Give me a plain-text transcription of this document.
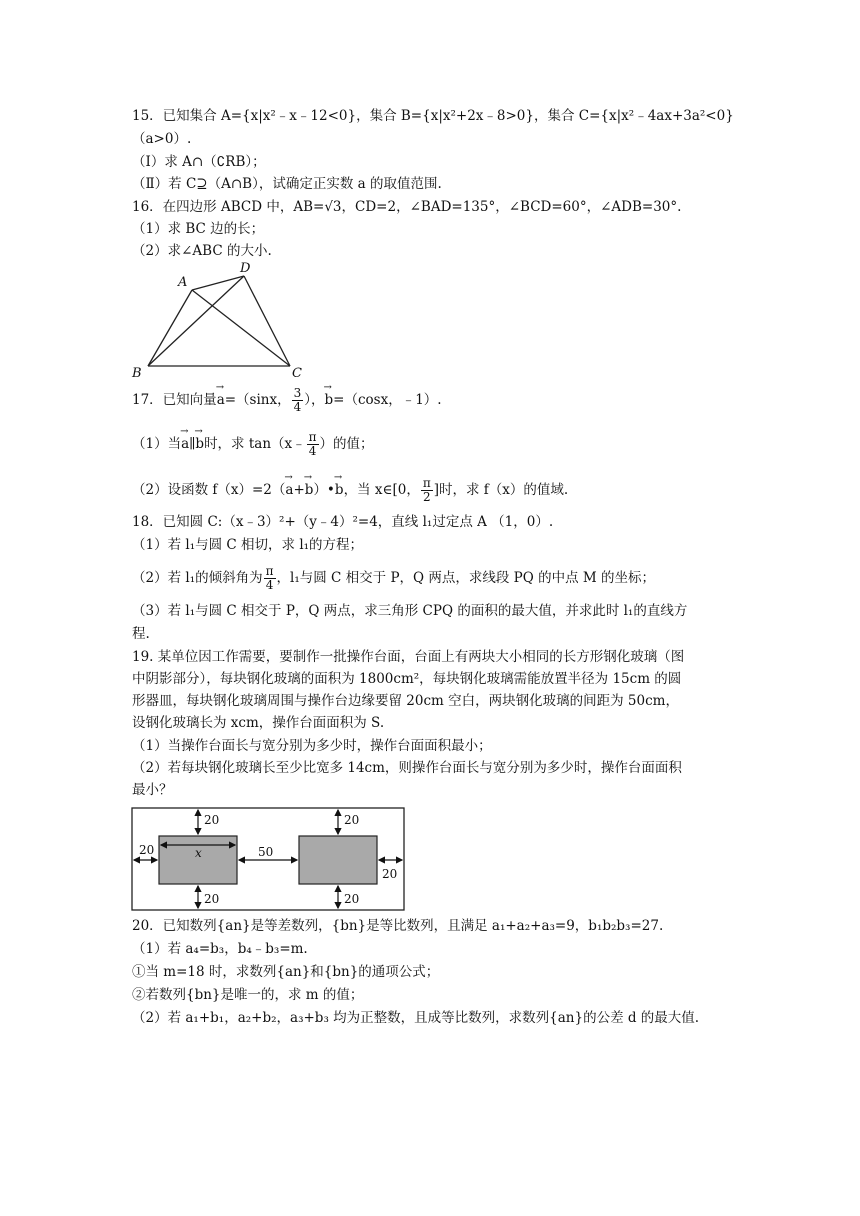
15．已知集合 A={x|x²﹣x﹣12<0}，集合 B={x|x²+2x﹣8>0}，集合 C={x|x²﹣4ax+3a²<0}
（a>0）.
（Ⅰ）求 A∩（∁RB）；
（Ⅱ）若 C⊇（A∩B），试确定正实数 a 的取值范围.
16．在四边形 ABCD 中，AB=√3，CD=2，∠BAD=135°，∠BCD=60°，∠ADB=30°.
（1）求 BC 边的长；
（2）求∠ABC 的大小.
A
D
B	C
17．已知向量→ a=（sinx， $\frac{3}{4}$ ），→ b=（cosx，﹣1）.
（1）当→ a∥→ b时，求 tan（x﹣ $\frac{\pi}{4}$ ）的值；
（2）设函数 f（x）=2（→ a+→ b）•→ b，当 x∈[0， $\frac{\pi}{2}$ ]时，求 f（x）的值域.
18．已知圆 C:（x﹣3）²+（y﹣4）²=4，直线 l₁过定点 A （1，0）.
（1）若 l₁与圆 C 相切，求 l₁的方程；
（2）若 l₁的倾斜角为 $\frac{\pi}{4}$ ，l₁与圆 C 相交于 P，Q 两点，求线段 PQ 的中点 M 的坐标；
（3）若 l₁与圆 C 相交于 P，Q 两点，求三角形 CPQ 的面积的最大值，并求此时 l₁的直线方
程.
19. 某单位因工作需要，要制作一批操作台面，台面上有两块大小相同的长方形钢化玻璃（图
中阴影部分），每块钢化玻璃的面积为 1800cm²，每块钢化玻璃需能放置半径为 15cm 的圆
形器皿，每块钢化玻璃周围与操作台边缘要留 20cm 空白，两块钢化玻璃的间距为 50cm，
设钢化玻璃长为 xcm，操作台面面积为 S.
（1）当操作台面长与宽分别为多少时，操作台面面积最小；
（2）若每块钢化玻璃长至少比宽多 14cm，则操作台面长与宽分别为多少时，操作台面面积
最小？
20	20
20	x	50
20	20
20
20．已知数列{an}是等差数列，{bn}是等比数列，且满足 a₁+a₂+a₃=9，b₁b₂b₃=27.
（1）若 a₄=b₃，b₄﹣b₃=m.
①当 m=18 时，求数列{an}和{bn}的通项公式；
②若数列{bn}是唯一的，求 m 的值；
（2）若 a₁+b₁，a₂+b₂，a₃+b₃ 均为正整数，且成等比数列，求数列{an}的公差 d 的最大值.
